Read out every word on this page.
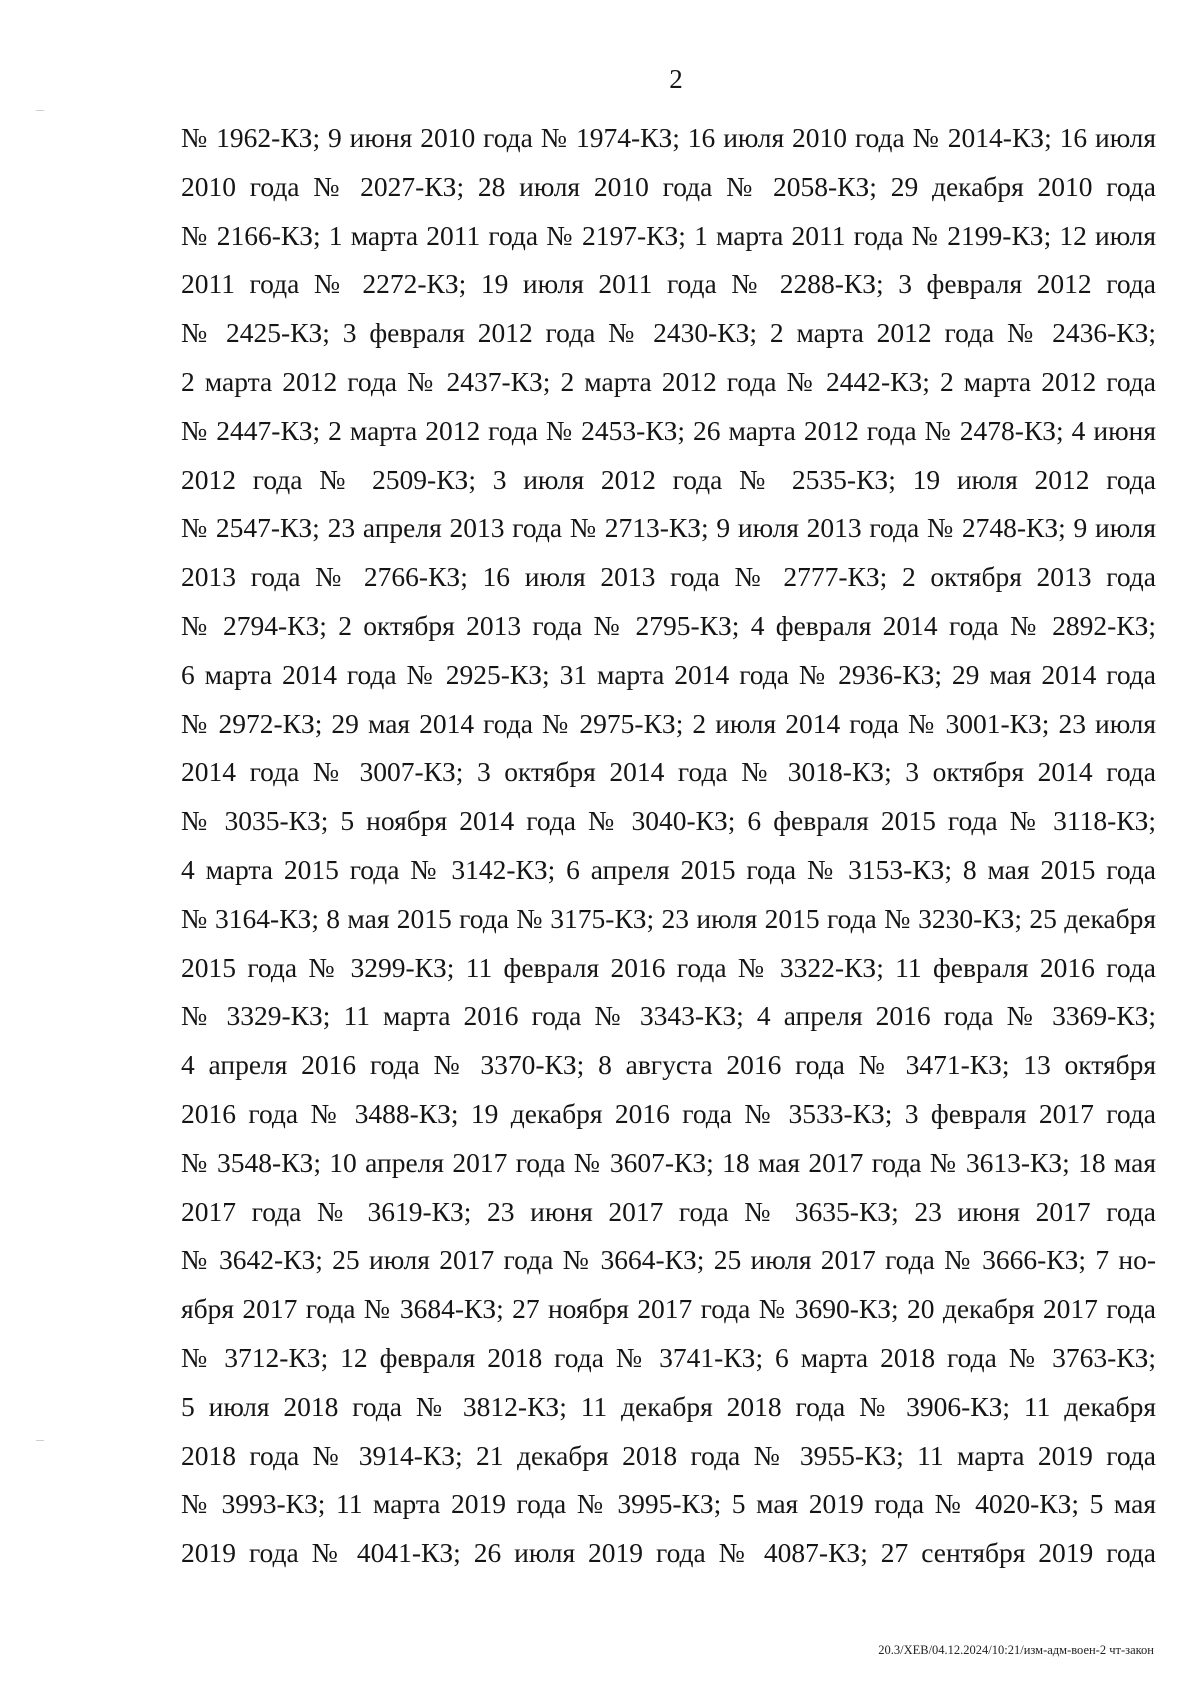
2
№ 1962-КЗ; 9 июня 2010 года № 1974-КЗ; 16 июля 2010 года № 2014-КЗ; 16 июля
2010 года № 2027-КЗ; 28 июля 2010 года № 2058-КЗ; 29 декабря 2010 года
№ 2166-КЗ; 1 марта 2011 года № 2197-КЗ; 1 марта 2011 года № 2199-КЗ; 12 июля
2011 года № 2272-КЗ; 19 июля 2011 года № 2288-КЗ; 3 февраля 2012 года
№ 2425-КЗ; 3 февраля 2012 года № 2430-КЗ; 2 марта 2012 года № 2436-КЗ;
2 марта 2012 года № 2437-КЗ; 2 марта 2012 года № 2442-КЗ; 2 марта 2012 года
№ 2447-КЗ; 2 марта 2012 года № 2453-КЗ; 26 марта 2012 года № 2478-КЗ; 4 июня
2012 года № 2509-КЗ; 3 июля 2012 года № 2535-КЗ; 19 июля 2012 года
№ 2547-КЗ; 23 апреля 2013 года № 2713-КЗ; 9 июля 2013 года № 2748-КЗ; 9 июля
2013 года № 2766-КЗ; 16 июля 2013 года № 2777-КЗ; 2 октября 2013 года
№ 2794-КЗ; 2 октября 2013 года № 2795-КЗ; 4 февраля 2014 года № 2892-КЗ;
6 марта 2014 года № 2925-КЗ; 31 марта 2014 года № 2936-КЗ; 29 мая 2014 года
№ 2972-КЗ; 29 мая 2014 года № 2975-КЗ; 2 июля 2014 года № 3001-КЗ; 23 июля
2014 года № 3007-КЗ; 3 октября 2014 года № 3018-КЗ; 3 октября 2014 года
№ 3035-КЗ; 5 ноября 2014 года № 3040-КЗ; 6 февраля 2015 года № 3118-КЗ;
4 марта 2015 года № 3142-КЗ; 6 апреля 2015 года № 3153-КЗ; 8 мая 2015 года
№ 3164-КЗ; 8 мая 2015 года № 3175-КЗ; 23 июля 2015 года № 3230-КЗ; 25 декабря
2015 года № 3299-КЗ; 11 февраля 2016 года № 3322-КЗ; 11 февраля 2016 года
№ 3329-КЗ; 11 марта 2016 года № 3343-КЗ; 4 апреля 2016 года № 3369-КЗ;
4 апреля 2016 года № 3370-КЗ; 8 августа 2016 года № 3471-КЗ; 13 октября
2016 года № 3488-КЗ; 19 декабря 2016 года № 3533-КЗ; 3 февраля 2017 года
№ 3548-КЗ; 10 апреля 2017 года № 3607-КЗ; 18 мая 2017 года № 3613-КЗ; 18 мая
2017 года № 3619-КЗ; 23 июня 2017 года № 3635-КЗ; 23 июня 2017 года
№ 3642-КЗ; 25 июля 2017 года № 3664-КЗ; 25 июля 2017 года № 3666-КЗ; 7 но-
ября 2017 года № 3684-КЗ; 27 ноября 2017 года № 3690-КЗ; 20 декабря 2017 года
№ 3712-КЗ; 12 февраля 2018 года № 3741-КЗ; 6 марта 2018 года № 3763-КЗ;
5 июля 2018 года № 3812-КЗ; 11 декабря 2018 года № 3906-КЗ; 11 декабря
2018 года № 3914-КЗ; 21 декабря 2018 года № 3955-КЗ; 11 марта 2019 года
№ 3993-КЗ; 11 марта 2019 года № 3995-КЗ; 5 мая 2019 года № 4020-КЗ; 5 мая
2019 года № 4041-КЗ; 26 июля 2019 года № 4087-КЗ; 27 сентября 2019 года
20.3/ХЕВ/04.12.2024/10:21/изм-адм-воен-2 чт-закон
